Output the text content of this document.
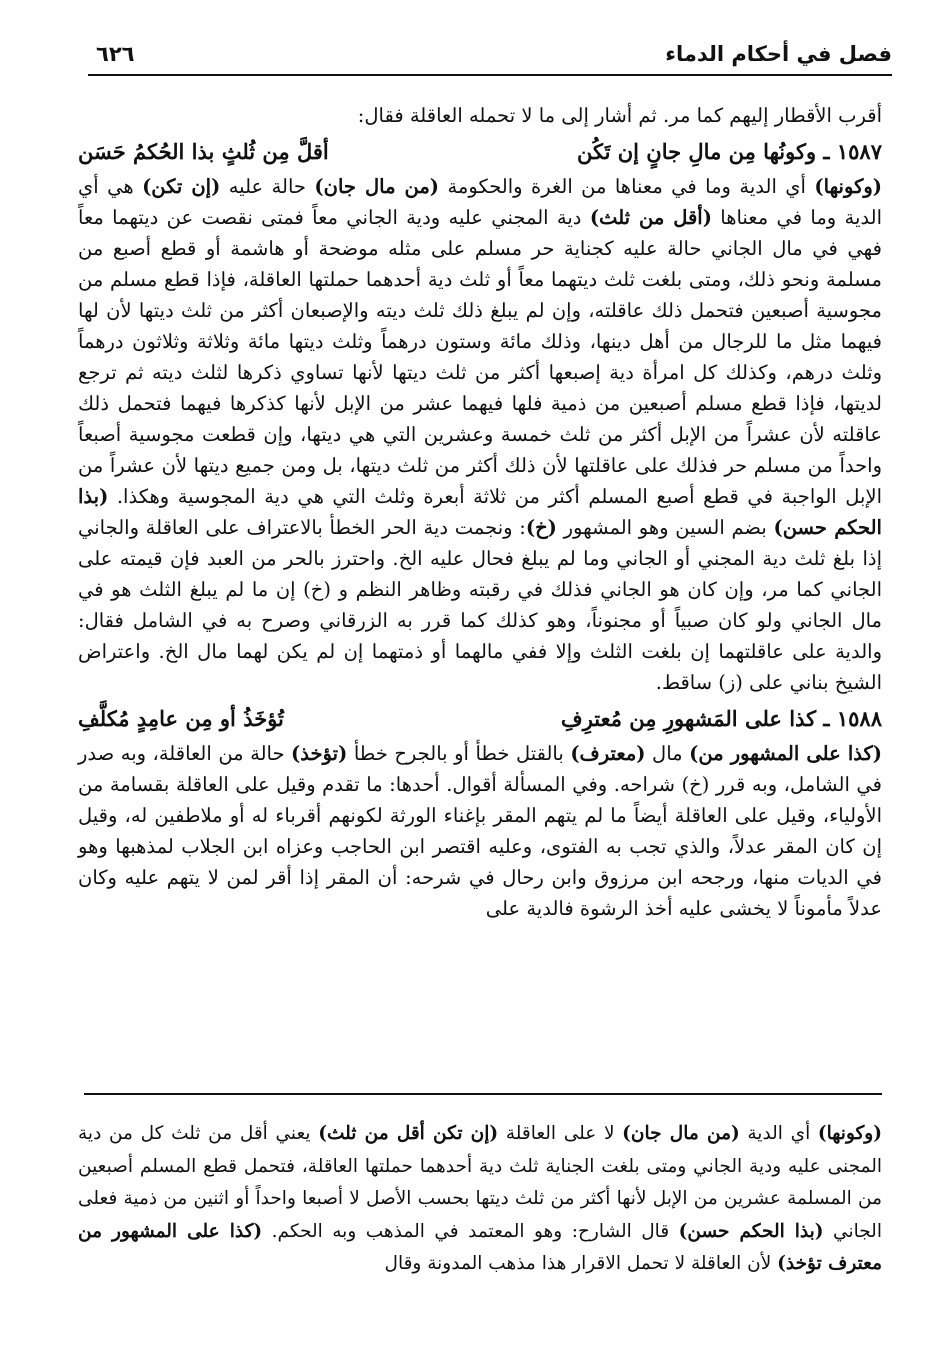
فصل في أحكام الدماء
٦٢٦

أقرب الأقطار إليهم كما مر. ثم أشار إلى ما لا تحمله العاقلة فقال:

١٥٨٧ ـ وكونُها مِن مالِ جانٍ إن تَكُن
أقلَّ مِن ثُلثٍ بذا الحُكمُ حَسَن

(وكونها) أي الدية وما في معناها من الغرة والحكومة (من مال جان) حالة عليه (إن تكن) هي أي الدية وما في معناها (أقل من ثلث) دية المجني عليه ودية الجاني معاً فمتى نقصت عن ديتهما معاً فهي في مال الجاني حالة عليه كجناية حر مسلم على مثله موضحة أو هاشمة أو قطع أصبع من مسلمة ونحو ذلك، ومتى بلغت ثلث ديتهما معاً أو ثلث دية أحدهما حملتها العاقلة، فإذا قطع مسلم من مجوسية أصبعين فتحمل ذلك عاقلته، وإن لم يبلغ ذلك ثلث ديته والإصبعان أكثر من ثلث ديتها لأن لها فيهما مثل ما للرجال من أهل دينها، وذلك مائة وستون درهماً وثلث ديتها مائة وثلاثة وثلاثون درهماً وثلث درهم، وكذلك كل امرأة دية إصبعها أكثر من ثلث ديتها لأنها تساوي ذكرها لثلث ديته ثم ترجع لديتها، فإذا قطع مسلم أصبعين من ذمية فلها فيهما عشر من الإبل لأنها كذكرها فيهما فتحمل ذلك عاقلته لأن عشراً من الإبل أكثر من ثلث خمسة وعشرين التي هي ديتها، وإن قطعت مجوسية أصبعاً واحداً من مسلم حر فذلك على عاقلتها لأن ذلك أكثر من ثلث ديتها، بل ومن جميع ديتها لأن عشراً من الإبل الواجبة في قطع أصبع المسلم أكثر من ثلاثة أبعرة وثلث التي هي دية المجوسية وهكذا. (بذا الحكم حسن) بضم السين وهو المشهور (خ): ونجمت دية الحر الخطأ بالاعتراف على العاقلة والجاني إذا بلغ ثلث دية المجني أو الجاني وما لم يبلغ فحال عليه الخ. واحترز بالحر من العبد فإن قيمته على الجاني كما مر، وإن كان هو الجاني فذلك في رقبته وظاهر النظم و (خ) إن ما لم يبلغ الثلث هو في مال الجاني ولو كان صبياً أو مجنوناً، وهو كذلك كما قرر به الزرقاني وصرح به في الشامل فقال: والدية على عاقلتهما إن بلغت الثلث وإلا ففي مالهما أو ذمتهما إن لم يكن لهما مال الخ. واعتراض الشيخ بناني على (ز) ساقط.

١٥٨٨ ـ كذا على المَشهورِ مِن مُعترِفِ
تُؤخَذُ أو مِن عامِدٍ مُكلَّفِ

(كذا على المشهور من) مال (معترف) بالقتل خطأ أو بالجرح خطأ (تؤخذ) حالة من العاقلة، وبه صدر في الشامل، وبه قرر (خ) شراحه. وفي المسألة أقوال. أحدها: ما تقدم وقيل على العاقلة بقسامة من الأولياء، وقيل على العاقلة أيضاً ما لم يتهم المقر بإغناء الورثة لكونهم أقرباء له أو ملاطفين له، وقيل إن كان المقر عدلاً، والذي تجب به الفتوى، وعليه اقتصر ابن الحاجب وعزاه ابن الجلاب لمذهبها وهو في الديات منها، ورجحه ابن مرزوق وابن رحال في شرحه: أن المقر إذا أقر لمن لا يتهم عليه وكان عدلاً مأموناً لا يخشى عليه أخذ الرشوة فالدية على

(وكونها) أي الدية (من مال جان) لا على العاقلة (إن تكن أقل من ثلث) يعني أقل من ثلث كل من دية المجنى عليه ودية الجاني ومتى بلغت الجناية ثلث دية أحدهما حملتها العاقلة، فتحمل قطع المسلم أصبعين من المسلمة عشرين من الإبل لأنها أكثر من ثلث ديتها بحسب الأصل لا أصبعا واحداً أو اثنين من ذمية فعلى الجاني (بذا الحكم حسن) قال الشارح: وهو المعتمد في المذهب وبه الحكم. (كذا على المشهور من معترف تؤخذ) لأن العاقلة لا تحمل الاقرار هذا مذهب المدونة وقال
